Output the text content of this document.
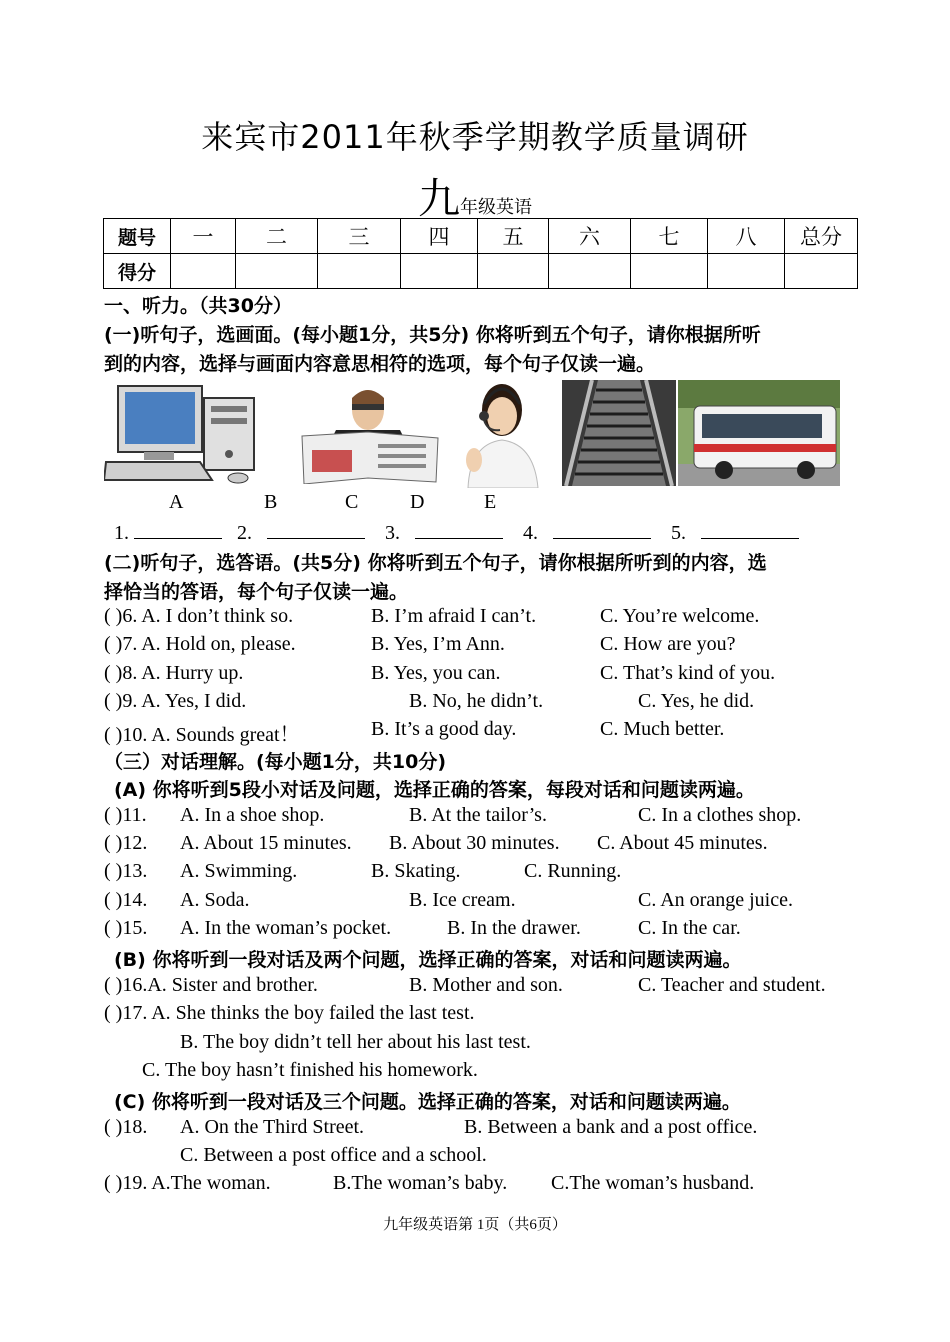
来宾市2011年秋季学期教学质量调研
九年级英语
题号	一	二	三	四	五	六	七	八	总分
得分									
一、听力。（共30分）
(一)听句子，选画面。(每小题1分，共5分) 你将听到五个句子，请你根据所听
到的内容，选择与画面内容意思相符的选项，每个句子仅读一遍。
A	B	C	D	E
1.	2.	3.	4.	5.
(二)听句子，选答语。(共5分) 你将听到五个句子，请你根据所听到的内容，选
择恰当的答语，每个句子仅读一遍。
( )6. A. I don’t think so.	B. I’m afraid I can’t.	C. You’re welcome.
( )7. A. Hold on, please.	B. Yes, I’m Ann.	C. How are you?
( )8. A. Hurry up.	B. Yes, you can.	C. That’s kind of you.
( )9. A. Yes, I did.	B. No, he didn’t.	C. Yes, he did.
( )10. A. Sounds great！	B. It’s a good day.	C. Much better.
（三）对话理解。(每小题1分，共10分)
(A) 你将听到5段小对话及问题，选择正确的答案，每段对话和问题读两遍。
( )11. A. In a shoe shop.	B. At the tailor’s.	C. In a clothes shop.
( )12. A. About 15 minutes. B. About 30 minutes. C. About 45 minutes.
( )13. A. Swimming.	B. Skating.	C. Running.
( )14. A. Soda.	B. Ice cream.	C. An orange juice.
( )15. A. In the woman’s pocket.	B. In the drawer.	C. In the car.
(B) 你将听到一段对话及两个问题，选择正确的答案，对话和问题读两遍。
( )16.A. Sister and brother.	B. Mother and son.	C. Teacher and student.
( )17. A. She thinks the boy failed the last test.
B. The boy didn’t tell her about his last test.
C. The boy hasn’t finished his homework.
(C) 你将听到一段对话及三个问题。选择正确的答案，对话和问题读两遍。
( )18. A. On the Third Street.	B. Between a bank and a post office.
C. Between a post office and a school.
( )19. A.The woman.	B.The woman’s baby. C.The woman’s husband.
九年级英语第 1页（共6页）
